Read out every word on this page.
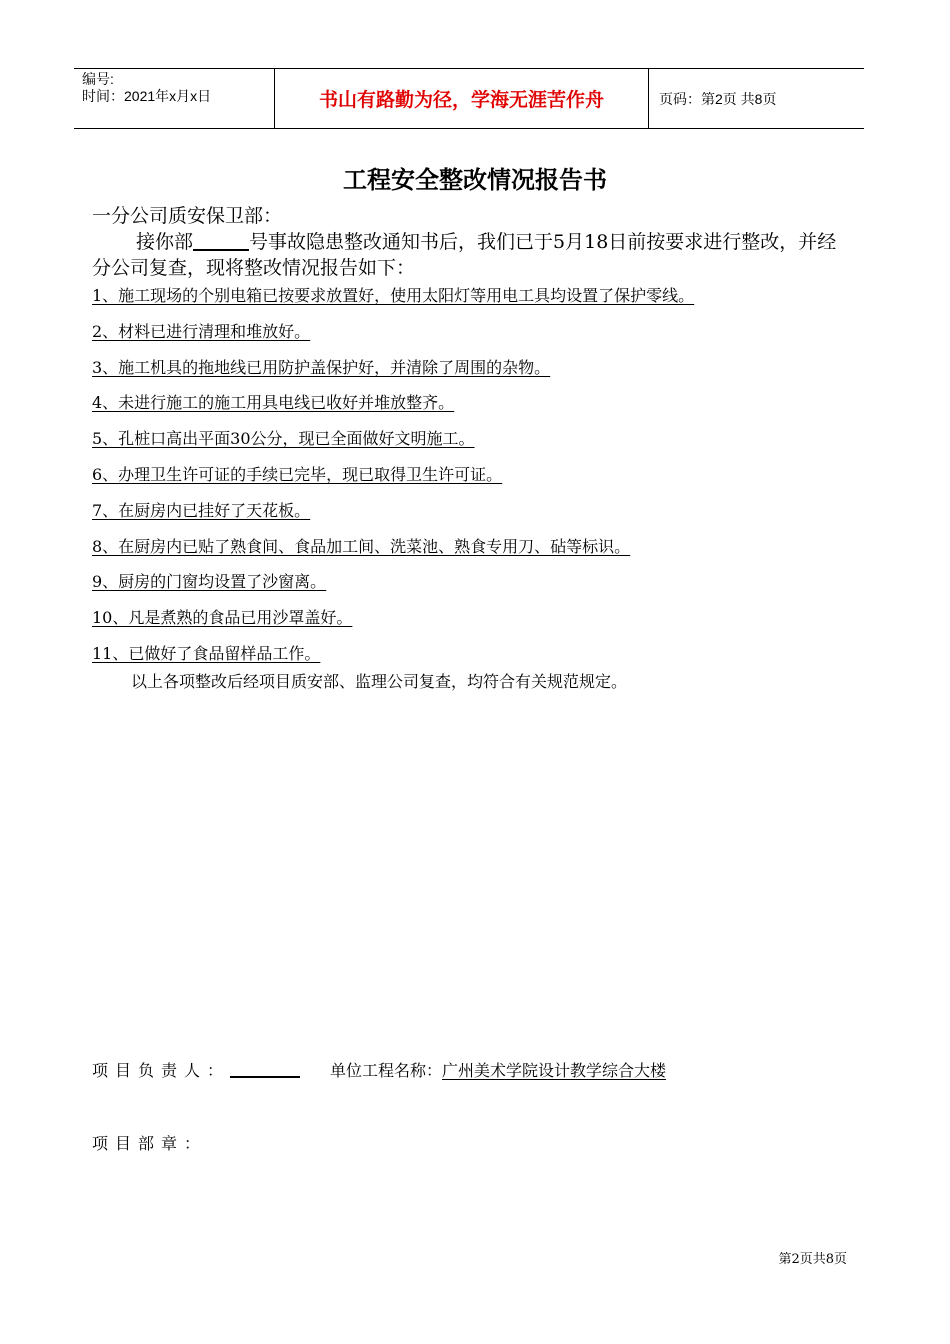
编号:
时间：2021年x月x日	书山有路勤为径，学海无涯苦作舟	页码：第2页 共8页
工程安全整改情况报告书
一分公司质安保卫部：
接你部	号事故隐患整改通知书后，我们已于5月18日前按要求进行整改，并经分公司复查，现将整改情况报告如下：
1、施工现场的个别电箱已按要求放置好，使用太阳灯等用电工具均设置了保护零线。
2、材料已进行清理和堆放好。
3、施工机具的拖地线已用防护盖保护好，并清除了周围的杂物。
4、未进行施工的施工用具电线已收好并堆放整齐。
5、孔桩口高出平面30公分，现已全面做好文明施工。
6、办理卫生许可证的手续已完毕，现已取得卫生许可证。
7、在厨房内已挂好了天花板。
8、在厨房内已贴了熟食间、食品加工间、洗菜池、熟食专用刀、砧等标识。
9、厨房的门窗均设置了沙窗离。
10、凡是煮熟的食品已用沙罩盖好。
11、已做好了食品留样品工作。
以上各项整改后经项目质安部、监理公司复查，均符合有关规范规定。
项目负责人：	单位工程名称：广州美术学院设计教学综合大楼
项目部章：
第2页共8页
